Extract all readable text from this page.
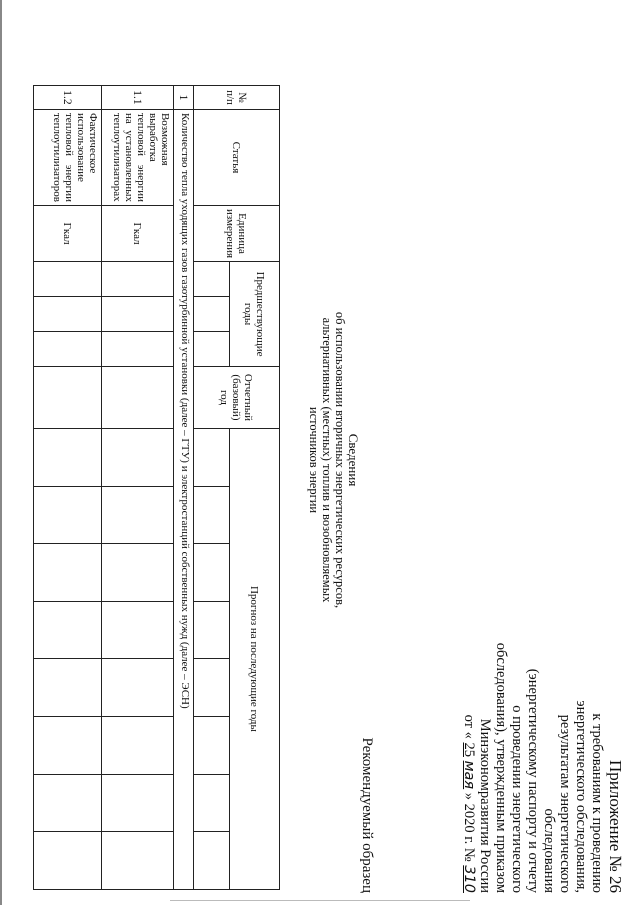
Приложение № 26
к требованиям к проведению
энергетического обследования,
результатам энергетического
обследования
(энергетическому паспорту и отчету
о проведении энергетического
обследования), утвержденным приказом
Минэкономразвития России
от « 25 мая » 2020 г. № 310
Рекомендуемый образец
Сведения
об использовании вторичных энергетических ресурсов,
альтернативных (местных) топлив и возобновляемых
источников энергии
№ п/п	Статья	Единица измерения	Предшествующие годы			Отчетный (базовый) год	Прогноз на последующие годы							

1	Количество тепла уходящих газов газотурбинной установки (далее – ГТУ) и электростанций собственных нужд (далее – ЭСН)													
1.1	Возможная выработка тепловой энергии на установленных теплоутилизаторах	Гкал												
1.2	Фактическое использование тепловой энергии теплоутилизаторов	Гкал												
